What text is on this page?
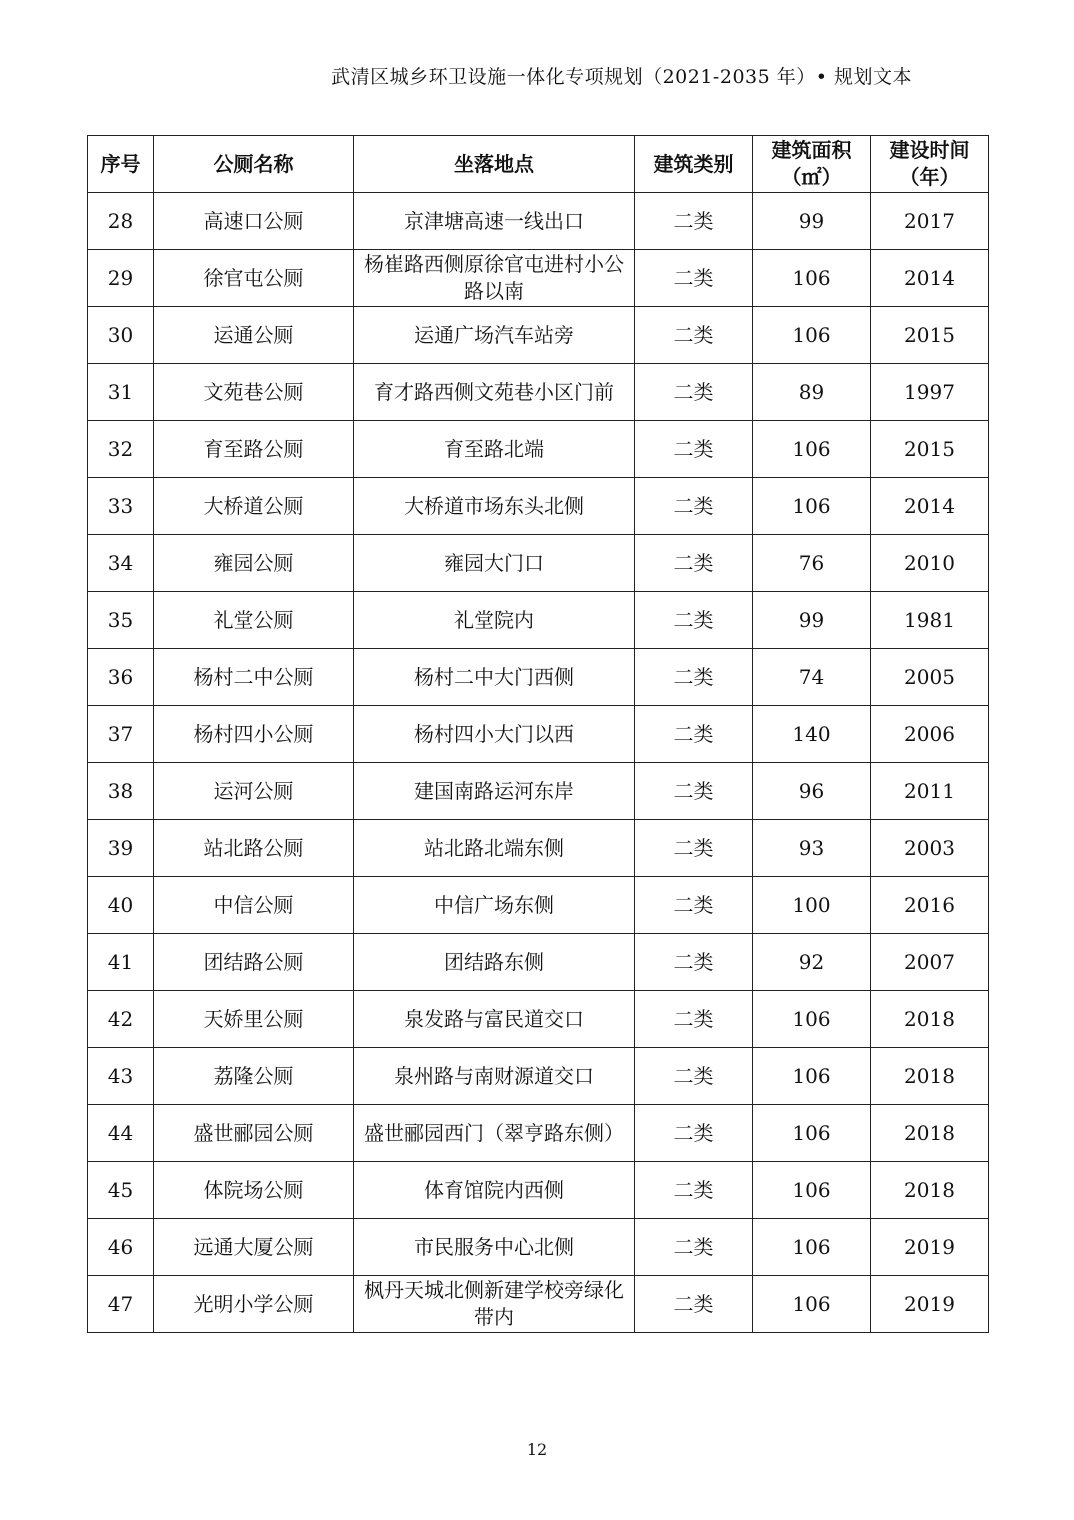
武清区城乡环卫设施一体化专项规划（2021-2035 年）• 规划文本
序号	公厕名称	坐落地点	建筑类别	建筑面积（㎡）	建设时间（年）
28	高速口公厕	京津塘高速一线出口	二类	99	2017
29	徐官屯公厕	杨崔路西侧原徐官屯进村小公路以南	二类	106	2014
30	运通公厕	运通广场汽车站旁	二类	106	2015
31	文苑巷公厕	育才路西侧文苑巷小区门前	二类	89	1997
32	育至路公厕	育至路北端	二类	106	2015
33	大桥道公厕	大桥道市场东头北侧	二类	106	2014
34	雍园公厕	雍园大门口	二类	76	2010
35	礼堂公厕	礼堂院内	二类	99	1981
36	杨村二中公厕	杨村二中大门西侧	二类	74	2005
37	杨村四小公厕	杨村四小大门以西	二类	140	2006
38	运河公厕	建国南路运河东岸	二类	96	2011
39	站北路公厕	站北路北端东侧	二类	93	2003
40	中信公厕	中信广场东侧	二类	100	2016
41	团结路公厕	团结路东侧	二类	92	2007
42	天娇里公厕	泉发路与富民道交口	二类	106	2018
43	荔隆公厕	泉州路与南财源道交口	二类	106	2018
44	盛世郦园公厕	盛世郦园西门（翠亨路东侧）	二类	106	2018
45	体院场公厕	体育馆院内西侧	二类	106	2018
46	远通大厦公厕	市民服务中心北侧	二类	106	2019
47	光明小学公厕	枫丹天城北侧新建学校旁绿化带内	二类	106	2019
12
